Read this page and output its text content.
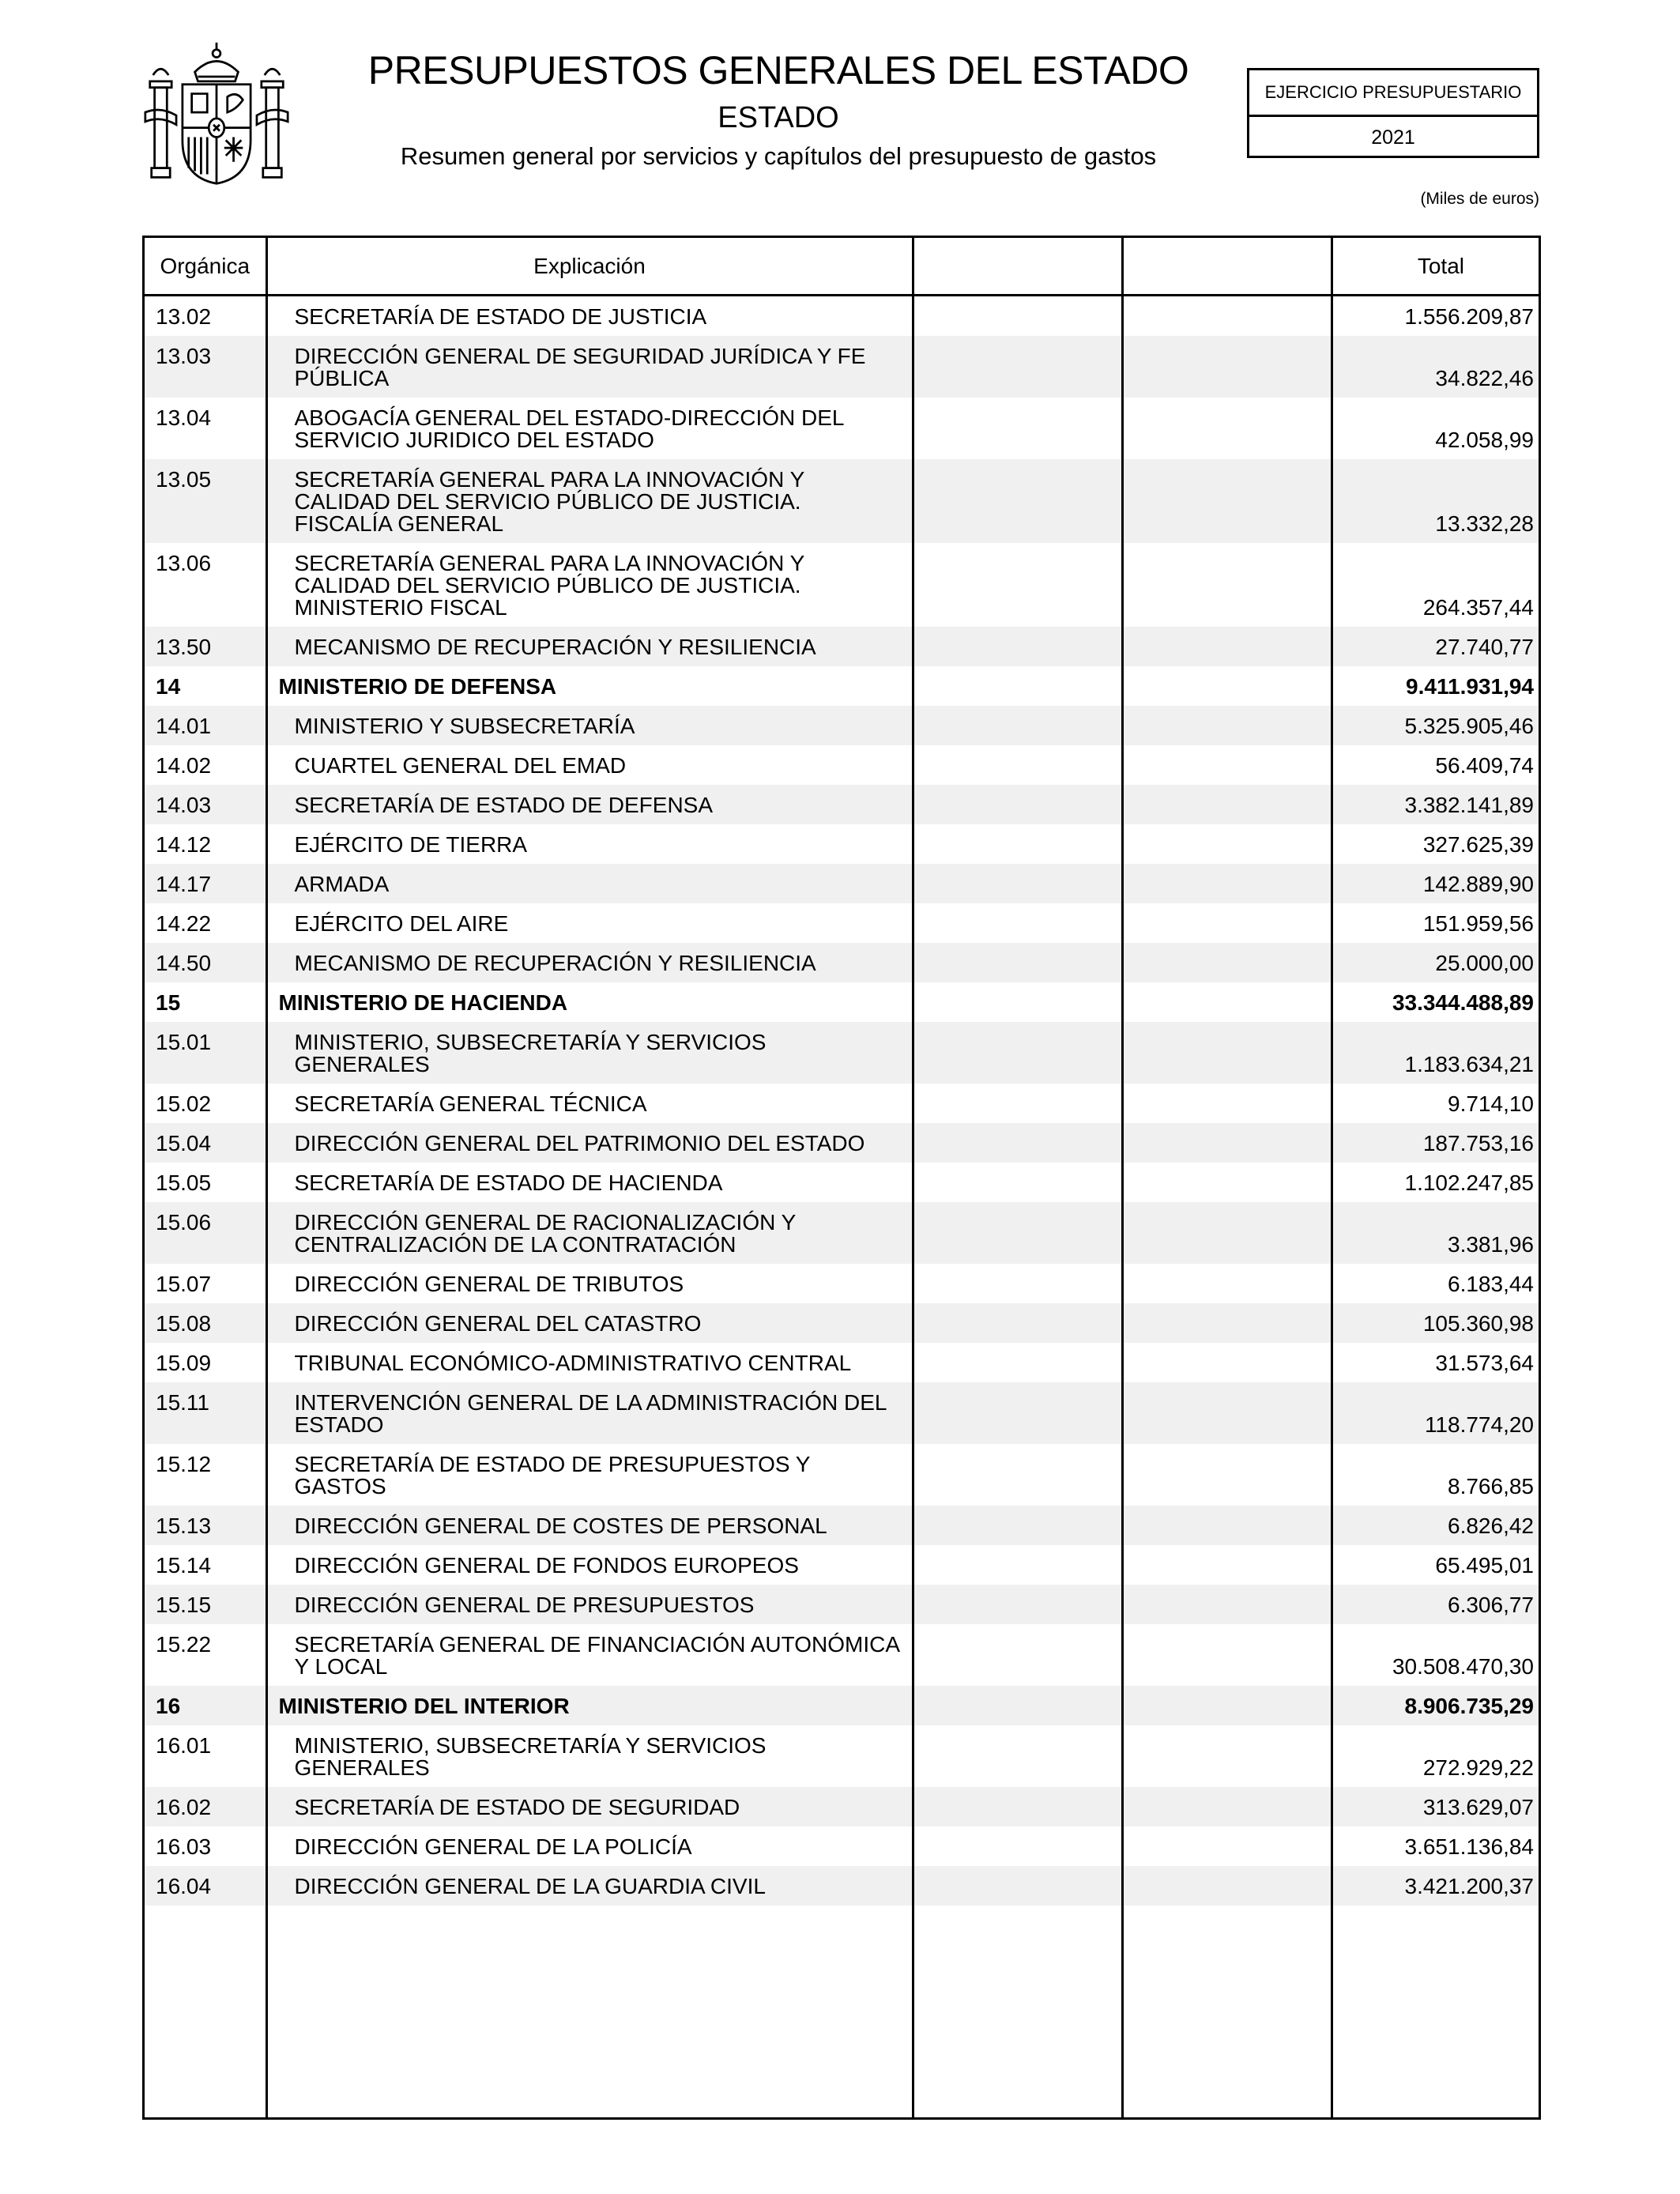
PRESUPUESTOS GENERALES DEL ESTADO
ESTADO
Resumen general por servicios y capítulos del presupuesto de gastos
EJERCICIO PRESUPUESTARIO
2021
(Miles de euros)
Orgánica	Explicación			Total
13.02	SECRETARÍA DE ESTADO DE JUSTICIA			1.556.209,87
13.03	DIRECCIÓN GENERAL DE SEGURIDAD JURÍDICA Y FE PÚBLICA			34.822,46
13.04	ABOGACÍA GENERAL DEL ESTADO-DIRECCIÓN DEL SERVICIO JURIDICO DEL ESTADO			42.058,99
13.05	SECRETARÍA GENERAL PARA LA INNOVACIÓN Y CALIDAD DEL SERVICIO PÚBLICO DE JUSTICIA. FISCALÍA GENERAL			13.332,28
13.06	SECRETARÍA GENERAL PARA LA INNOVACIÓN Y CALIDAD DEL SERVICIO PÚBLICO DE JUSTICIA. MINISTERIO FISCAL			264.357,44
13.50	MECANISMO DE RECUPERACIÓN Y RESILIENCIA			27.740,77
14	MINISTERIO DE DEFENSA			9.411.931,94
14.01	MINISTERIO Y SUBSECRETARÍA			5.325.905,46
14.02	CUARTEL GENERAL DEL EMAD			56.409,74
14.03	SECRETARÍA DE ESTADO DE DEFENSA			3.382.141,89
14.12	EJÉRCITO DE TIERRA			327.625,39
14.17	ARMADA			142.889,90
14.22	EJÉRCITO DEL AIRE			151.959,56
14.50	MECANISMO DE RECUPERACIÓN Y RESILIENCIA			25.000,00
15	MINISTERIO DE HACIENDA			33.344.488,89
15.01	MINISTERIO, SUBSECRETARÍA Y SERVICIOS GENERALES			1.183.634,21
15.02	SECRETARÍA GENERAL TÉCNICA			9.714,10
15.04	DIRECCIÓN GENERAL DEL PATRIMONIO DEL ESTADO			187.753,16
15.05	SECRETARÍA DE ESTADO DE HACIENDA			1.102.247,85
15.06	DIRECCIÓN GENERAL DE RACIONALIZACIÓN Y CENTRALIZACIÓN DE LA CONTRATACIÓN			3.381,96
15.07	DIRECCIÓN GENERAL DE TRIBUTOS			6.183,44
15.08	DIRECCIÓN GENERAL DEL CATASTRO			105.360,98
15.09	TRIBUNAL ECONÓMICO-ADMINISTRATIVO CENTRAL			31.573,64
15.11	INTERVENCIÓN GENERAL DE LA ADMINISTRACIÓN DEL ESTADO			118.774,20
15.12	SECRETARÍA DE ESTADO DE PRESUPUESTOS Y GASTOS			8.766,85
15.13	DIRECCIÓN GENERAL DE COSTES DE PERSONAL			6.826,42
15.14	DIRECCIÓN GENERAL DE FONDOS EUROPEOS			65.495,01
15.15	DIRECCIÓN GENERAL DE PRESUPUESTOS			6.306,77
15.22	SECRETARÍA GENERAL DE FINANCIACIÓN AUTONÓMICA Y LOCAL			30.508.470,30
16	MINISTERIO DEL INTERIOR			8.906.735,29
16.01	MINISTERIO, SUBSECRETARÍA Y SERVICIOS GENERALES			272.929,22
16.02	SECRETARÍA DE ESTADO DE SEGURIDAD			313.629,07
16.03	DIRECCIÓN GENERAL DE LA POLICÍA			3.651.136,84
16.04	DIRECCIÓN GENERAL DE LA GUARDIA CIVIL			3.421.200,37
